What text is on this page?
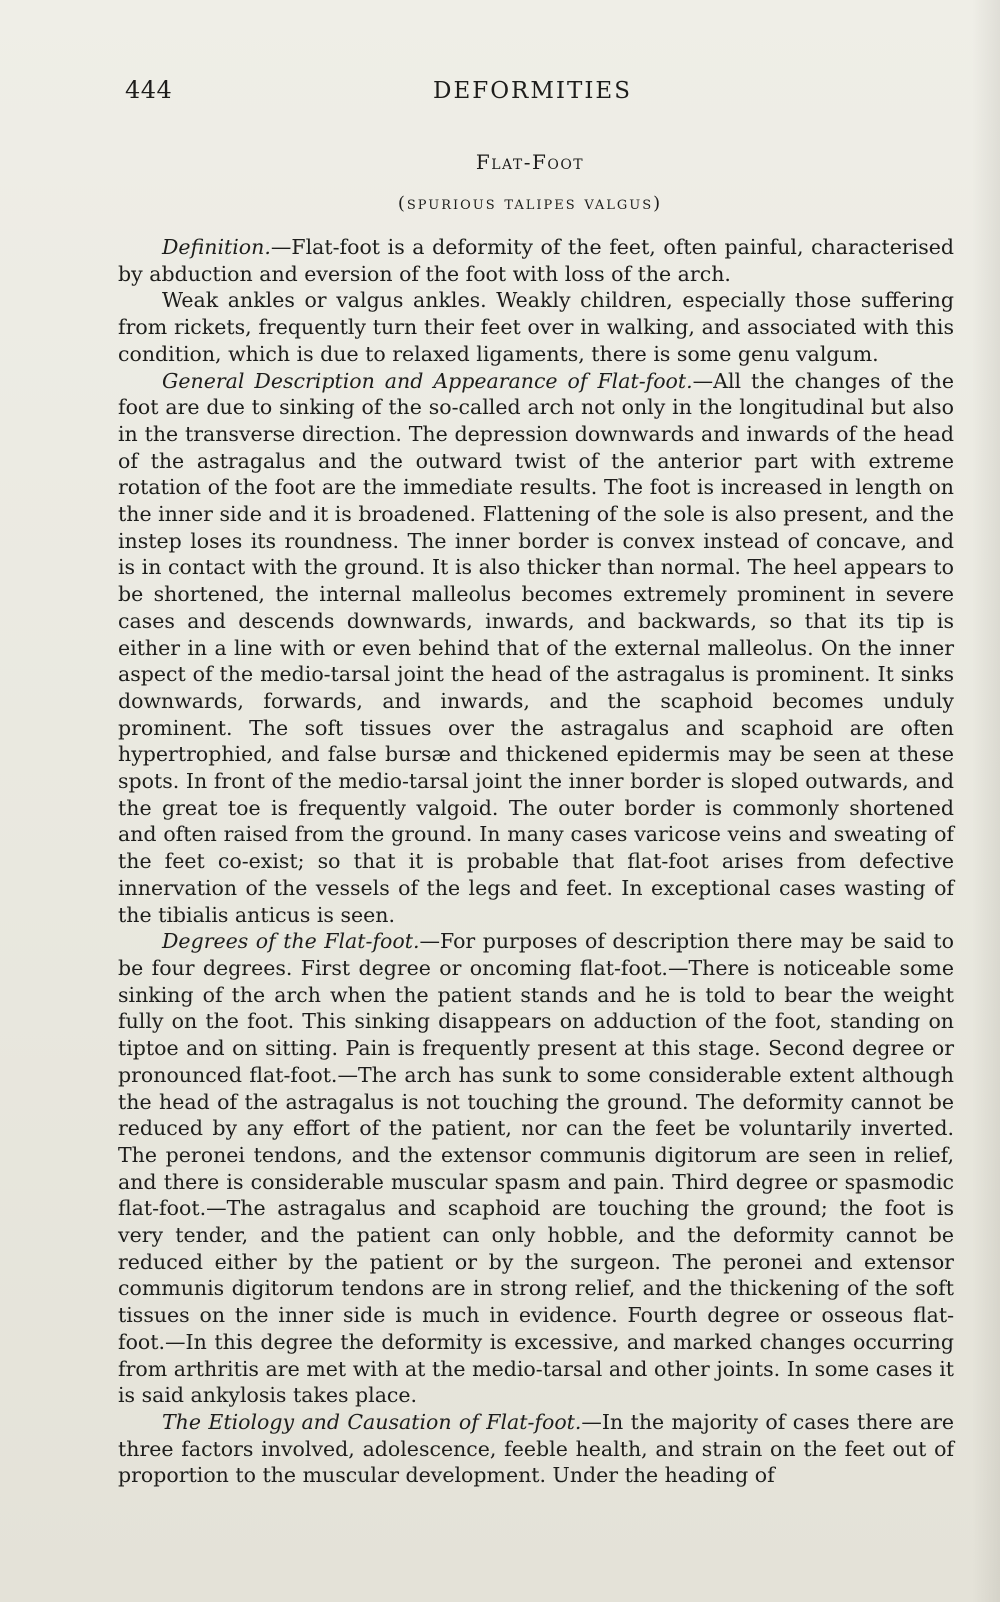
444	DEFORMITIES
Flat-Foot
(spurious talipes valgus)

Definition.—Flat-foot is a deformity of the feet, often painful, characterised by abduction and eversion of the foot with loss of the arch.

Weak ankles or valgus ankles. Weakly children, especially those suffering from rickets, frequently turn their feet over in walking, and associated with this condition, which is due to relaxed ligaments, there is some genu valgum.

General Description and Appearance of Flat-foot.—All the changes of the foot are due to sinking of the so-called arch not only in the longitudinal but also in the transverse direction. The depression downwards and inwards of the head of the astragalus and the outward twist of the anterior part with extreme rotation of the foot are the immediate results. The foot is increased in length on the inner side and it is broadened. Flattening of the sole is also present, and the instep loses its roundness. The inner border is convex instead of concave, and is in contact with the ground. It is also thicker than normal. The heel appears to be shortened, the internal malleolus becomes extremely prominent in severe cases and descends downwards, inwards, and backwards, so that its tip is either in a line with or even behind that of the external malleolus. On the inner aspect of the medio-tarsal joint the head of the astragalus is prominent. It sinks downwards, forwards, and inwards, and the scaphoid becomes unduly prominent. The soft tissues over the astragalus and scaphoid are often hypertrophied, and false bursæ and thickened epidermis may be seen at these spots. In front of the medio-tarsal joint the inner border is sloped outwards, and the great toe is frequently valgoid. The outer border is commonly shortened and often raised from the ground. In many cases varicose veins and sweating of the feet co-exist; so that it is probable that flat-foot arises from defective innervation of the vessels of the legs and feet. In exceptional cases wasting of the tibialis anticus is seen.

Degrees of the Flat-foot.—For purposes of description there may be said to be four degrees. First degree or oncoming flat-foot.—There is noticeable some sinking of the arch when the patient stands and he is told to bear the weight fully on the foot. This sinking disappears on adduction of the foot, standing on tiptoe and on sitting. Pain is frequently present at this stage. Second degree or pronounced flat-foot.—The arch has sunk to some considerable extent although the head of the astragalus is not touching the ground. The deformity cannot be reduced by any effort of the patient, nor can the feet be voluntarily inverted. The peronei tendons, and the extensor communis digitorum are seen in relief, and there is considerable muscular spasm and pain. Third degree or spasmodic flat-foot.—The astragalus and scaphoid are touching the ground; the foot is very tender, and the patient can only hobble, and the deformity cannot be reduced either by the patient or by the surgeon. The peronei and extensor communis digitorum tendons are in strong relief, and the thickening of the soft tissues on the inner side is much in evidence. Fourth degree or osseous flat-foot.—In this degree the deformity is excessive, and marked changes occurring from arthritis are met with at the medio-tarsal and other joints. In some cases it is said ankylosis takes place.

The Etiology and Causation of Flat-foot.—In the majority of cases there are three factors involved, adolescence, feeble health, and strain on the feet out of proportion to the muscular development. Under the heading of
